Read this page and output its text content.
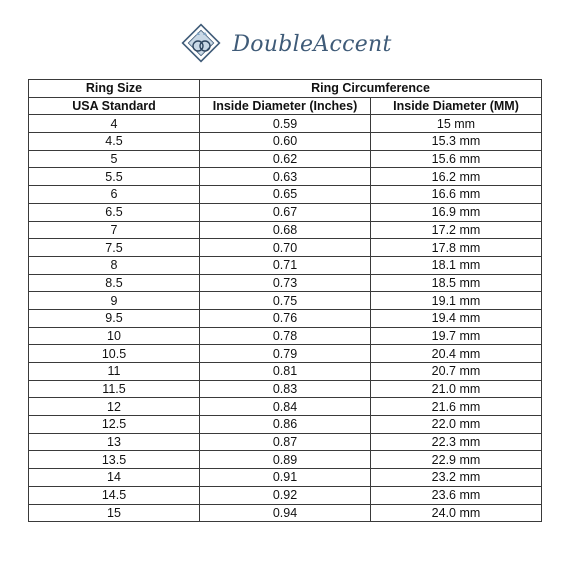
DoubleAccent
Ring Size	Ring Circumference	
USA Standard	Inside Diameter (Inches)	Inside Diameter (MM)
4	0.59	15 mm
4.5	0.60	15.3 mm
5	0.62	15.6 mm
5.5	0.63	16.2 mm
6	0.65	16.6 mm
6.5	0.67	16.9 mm
7	0.68	17.2 mm
7.5	0.70	17.8 mm
8	0.71	18.1 mm
8.5	0.73	18.5 mm
9	0.75	19.1 mm
9.5	0.76	19.4 mm
10	0.78	19.7 mm
10.5	0.79	20.4 mm
11	0.81	20.7 mm
11.5	0.83	21.0 mm
12	0.84	21.6 mm
12.5	0.86	22.0 mm
13	0.87	22.3 mm
13.5	0.89	22.9 mm
14	0.91	23.2 mm
14.5	0.92	23.6 mm
15	0.94	24.0 mm
